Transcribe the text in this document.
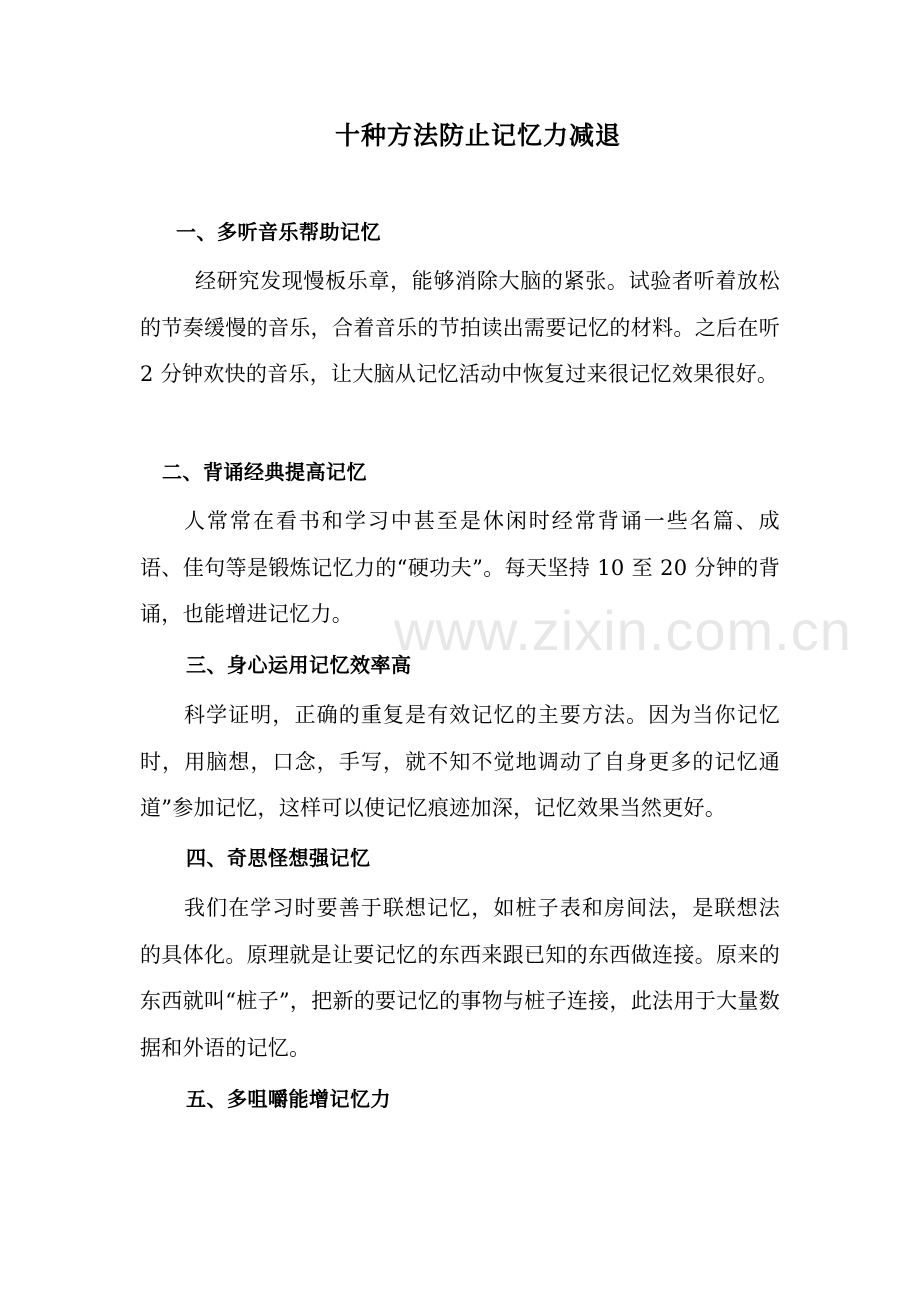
十种方法防止记忆力减退
一、多听音乐帮助记忆
经研究发现慢板乐章，能够消除大脑的紧张。试验者听着放松的节奏缓慢的音乐，合着音乐的节拍读出需要记忆的材料。之后在听 2 分钟欢快的音乐，让大脑从记忆活动中恢复过来很记忆效果很好。
二、背诵经典提高记忆
人常常在看书和学习中甚至是休闲时经常背诵一些名篇、成语、佳句等是锻炼记忆力的“硬功夫”。每天坚持 10 至 20 分钟的背诵，也能增进记忆力。
三、身心运用记忆效率高
科学证明，正确的重复是有效记忆的主要方法。因为当你记忆时，用脑想，口念，手写，就不知不觉地调动了自身更多的记忆通道”参加记忆，这样可以使记忆痕迹加深，记忆效果当然更好。
四、奇思怪想强记忆
我们在学习时要善于联想记忆，如桩子表和房间法，是联想法的具体化。原理就是让要记忆的东西来跟已知的东西做连接。原来的东西就叫“桩子”，把新的要记忆的事物与桩子连接，此法用于大量数据和外语的记忆。
五、多咀嚼能增记忆力
www.zixin.com.cn
